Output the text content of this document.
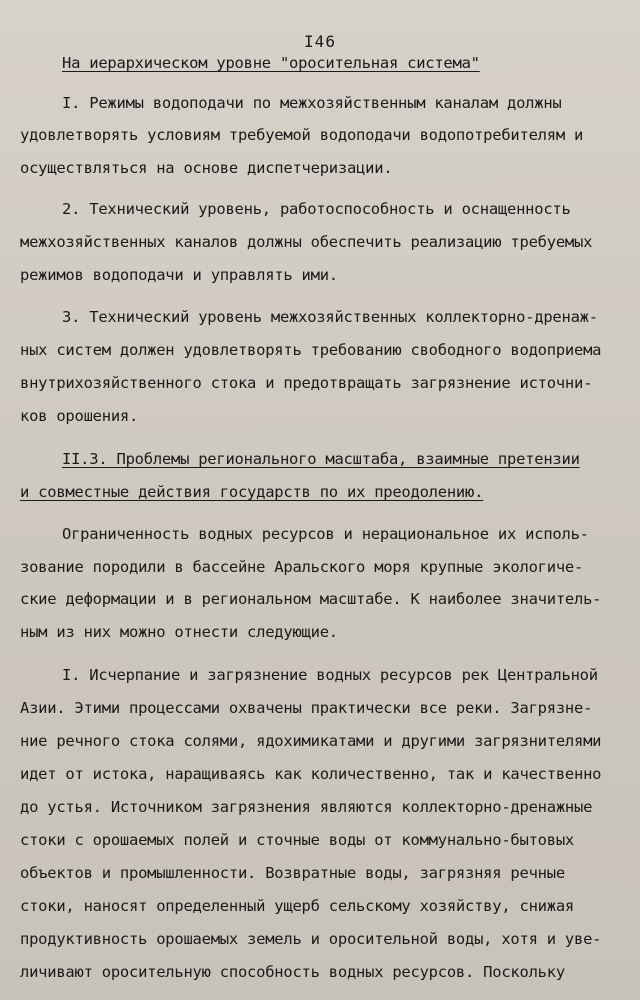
I46
На иерархическом уровне "оросительная система"
I. Режимы водоподачи по межхозяйственным каналам должны
удовлетворять условиям требуемой водоподачи водопотребителям и
осуществляться на основе диспетчеризации.
2. Технический уровень, работоспособность и оснащенность
межхозяйственных каналов должны обеспечить реализацию требуемых
режимов водоподачи и управлять ими.
3. Технический уровень межхозяйственных коллекторно-дренаж-
ных систем должен удовлетворять требованию свободного водоприема
внутрихозяйственного стока и предотвращать загрязнение источни-
ков орошения.
II.3. Проблемы регионального масштаба, взаимные претензии
и совместные действия государств по их преодолению.
Ограниченность водных ресурсов и нерациональное их исполь-
зование породили в бассейне Аральского моря крупные экологиче-
ские деформации и в региональном масштабе. К наиболее значитель-
ным из них можно отнести следующие.
I. Исчерпание и загрязнение водных ресурсов рек Центральной
Азии. Этими процессами охвачены практически все реки. Загрязне-
ние речного стока солями, ядохимикатами и другими загрязнителями
идет от истока, наращиваясь как количественно, так и качественно
до устья. Источником загрязнения являются коллекторно-дренажные
стоки с орошаемых полей и сточные воды от коммунально-бытовых
объектов и промышленности. Возвратные воды, загрязняя речные
стоки, наносят определенный ущерб сельскому хозяйству, снижая
продуктивность орошаемых земель и оросительной воды, хотя и уве-
личивают оросительную способность водных ресурсов. Поскольку
